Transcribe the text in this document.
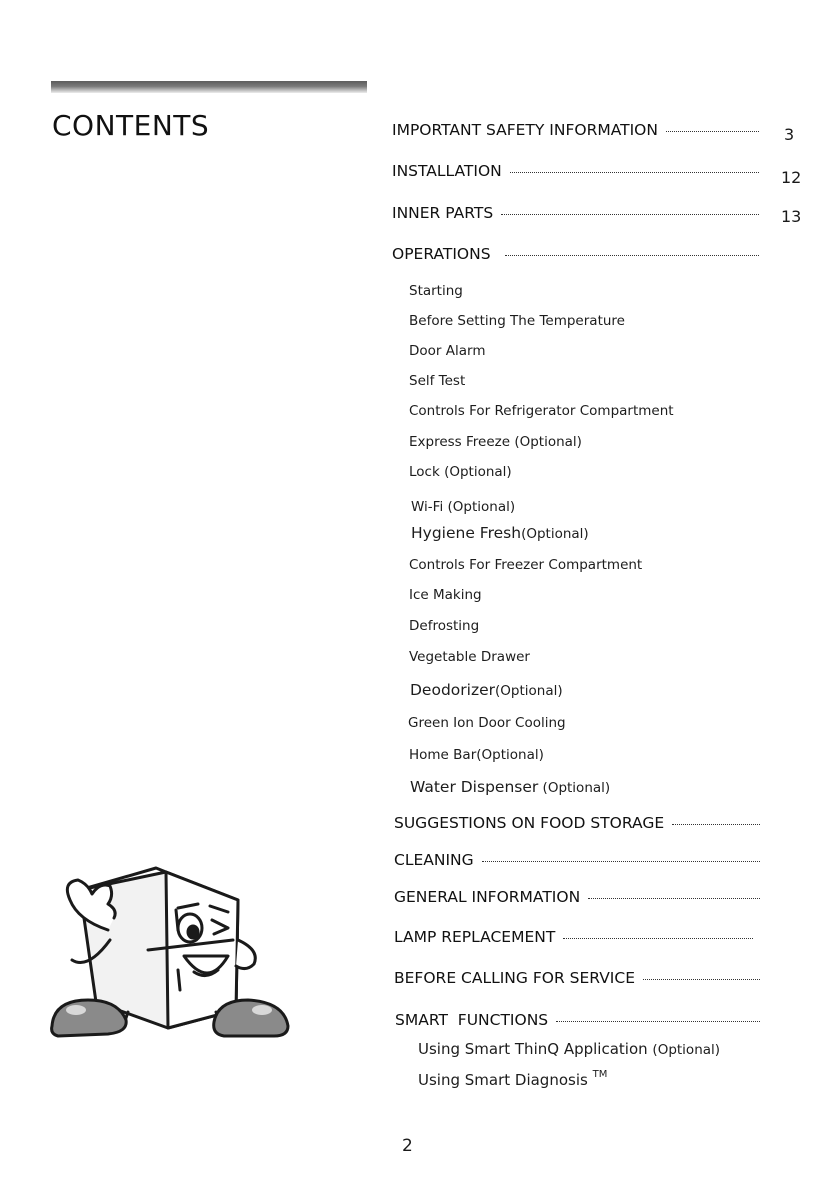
CONTENTS	IMPORTANT SAFETY INFORMATION	3
INSTALLATION	12
INNER PARTS	13
OPERATIONS
Starting
Before Setting The Temperature
Door Alarm
Self Test
Controls For Refrigerator Compartment
Express Freeze (Optional)
Lock (Optional)
Wi-Fi (Optional)
Hygiene Fresh(Optional)
Controls For Freezer Compartment
Ice Making
Defrosting
Vegetable Drawer
Deodorizer(Optional)
Green Ion Door Cooling
Home Bar(Optional)
Water Dispenser (Optional)
SUGGESTIONS ON FOOD STORAGE
CLEANING
GENERAL INFORMATION
LAMP REPLACEMENT
BEFORE CALLING FOR SERVICE
SMART  FUNCTIONS
Using Smart ThinQ Application (Optional)
Using Smart Diagnosis ™
2
